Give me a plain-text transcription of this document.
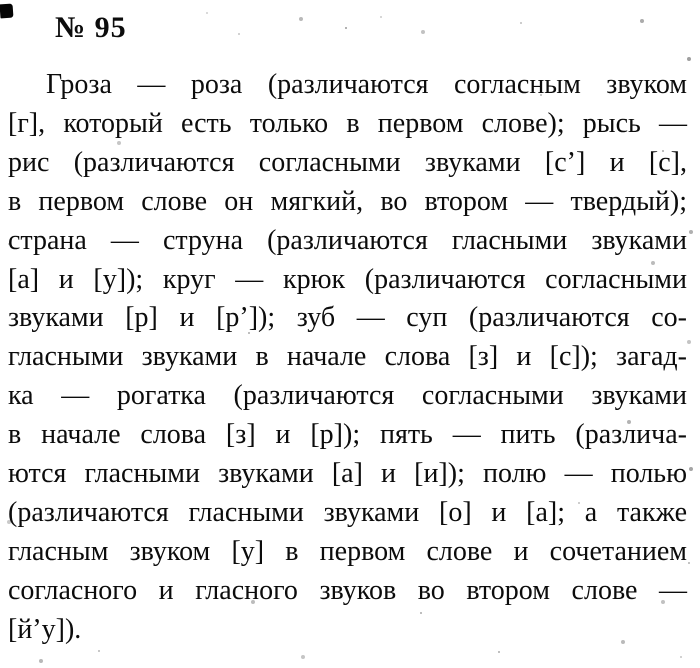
№ 95
Гроза — роза (различаются согласным звуком
[г], который есть только в первом слове); рысь —
рис (различаются согласными звуками [с’] и [с],
в первом слове он мягкий, во втором — твердый);
страна — струна (различаются гласными звуками
[а] и [у]); круг — крюк (различаются согласными
звуками [р] и [р’]); зуб — суп (различаются со-
гласными звуками в начале слова [з] и [с]); загад-
ка — рогатка (различаются согласными звуками
в начале слова [з] и [р]); пять — пить (различа-
ются гласными звуками [а] и [и]); полю — полью
(различаются гласными звуками [о] и [а]; а также
гласным звуком [у] в первом слове и сочетанием
согласного и гласного звуков во втором слове —
[й’у]).
